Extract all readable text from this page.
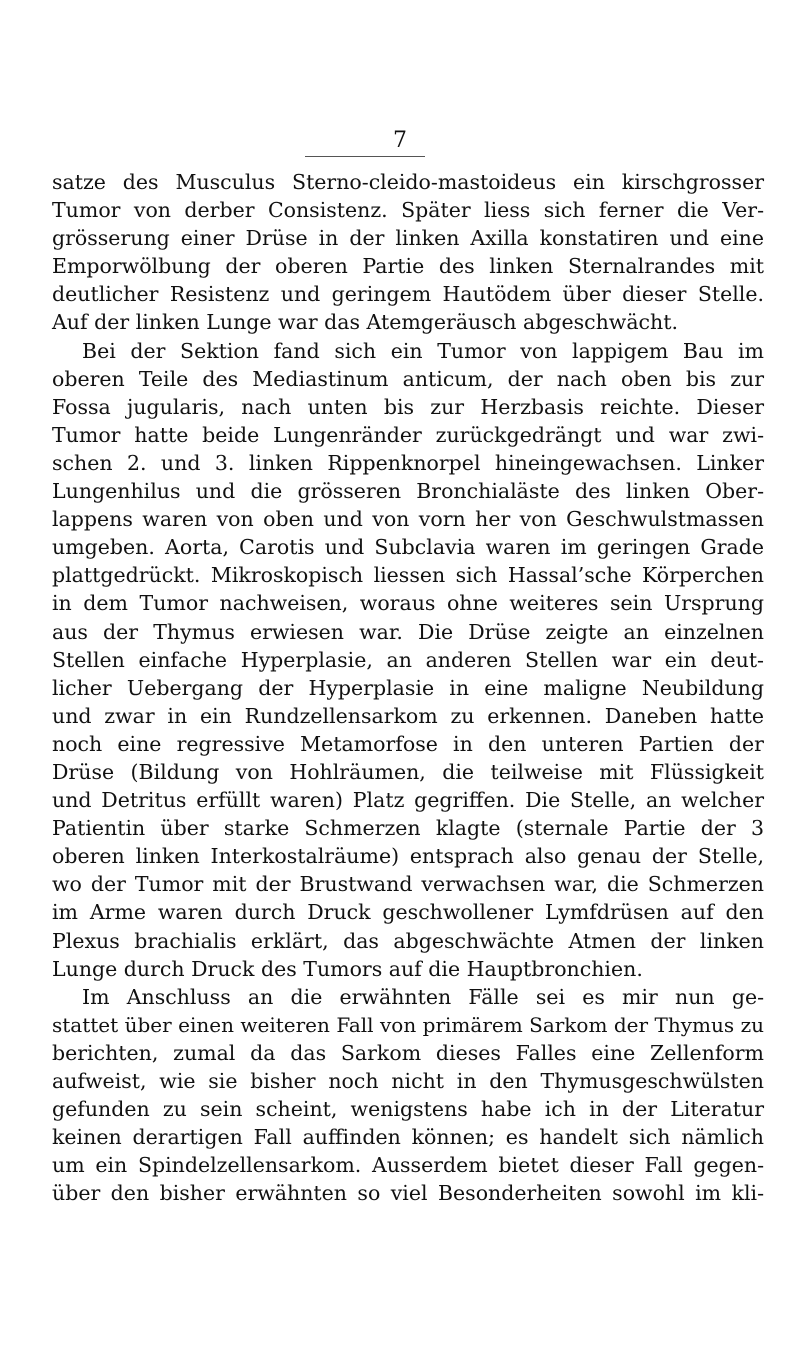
7
satze des Musculus Sterno-cleido-mastoideus ein kirschgrosser
Tumor von derber Consistenz. Später liess sich ferner die Ver-
grösserung einer Drüse in der linken Axilla konstatiren und eine
Emporwölbung der oberen Partie des linken Sternalrandes mit
deutlicher Resistenz und geringem Hautödem über dieser Stelle.
Auf der linken Lunge war das Atemgeräusch abgeschwächt.
Bei der Sektion fand sich ein Tumor von lappigem Bau im
oberen Teile des Mediastinum anticum, der nach oben bis zur
Fossa jugularis, nach unten bis zur Herzbasis reichte. Dieser
Tumor hatte beide Lungenränder zurückgedrängt und war zwi-
schen 2. und 3. linken Rippenknorpel hineingewachsen. Linker
Lungenhilus und die grösseren Bronchialäste des linken Ober-
lappens waren von oben und von vorn her von Geschwulstmassen
umgeben. Aorta, Carotis und Subclavia waren im geringen Grade
plattgedrückt. Mikroskopisch liessen sich Hassal’sche Körperchen
in dem Tumor nachweisen, woraus ohne weiteres sein Ursprung
aus der Thymus erwiesen war. Die Drüse zeigte an einzelnen
Stellen einfache Hyperplasie, an anderen Stellen war ein deut-
licher Uebergang der Hyperplasie in eine maligne Neubildung
und zwar in ein Rundzellensarkom zu erkennen. Daneben hatte
noch eine regressive Metamorfose in den unteren Partien der
Drüse (Bildung von Hohlräumen, die teilweise mit Flüssigkeit
und Detritus erfüllt waren) Platz gegriffen. Die Stelle, an welcher
Patientin über starke Schmerzen klagte (sternale Partie der 3
oberen linken Interkostalräume) entsprach also genau der Stelle,
wo der Tumor mit der Brustwand verwachsen war, die Schmerzen
im Arme waren durch Druck geschwollener Lymfdrüsen auf den
Plexus brachialis erklärt, das abgeschwächte Atmen der linken
Lunge durch Druck des Tumors auf die Hauptbronchien.
Im Anschluss an die erwähnten Fälle sei es mir nun ge-
stattet über einen weiteren Fall von primärem Sarkom der Thymus zu
berichten, zumal da das Sarkom dieses Falles eine Zellenform
aufweist, wie sie bisher noch nicht in den Thymusgeschwülsten
gefunden zu sein scheint, wenigstens habe ich in der Literatur
keinen derartigen Fall auffinden können; es handelt sich nämlich
um ein Spindelzellensarkom. Ausserdem bietet dieser Fall gegen-
über den bisher erwähnten so viel Besonderheiten sowohl im kli-
